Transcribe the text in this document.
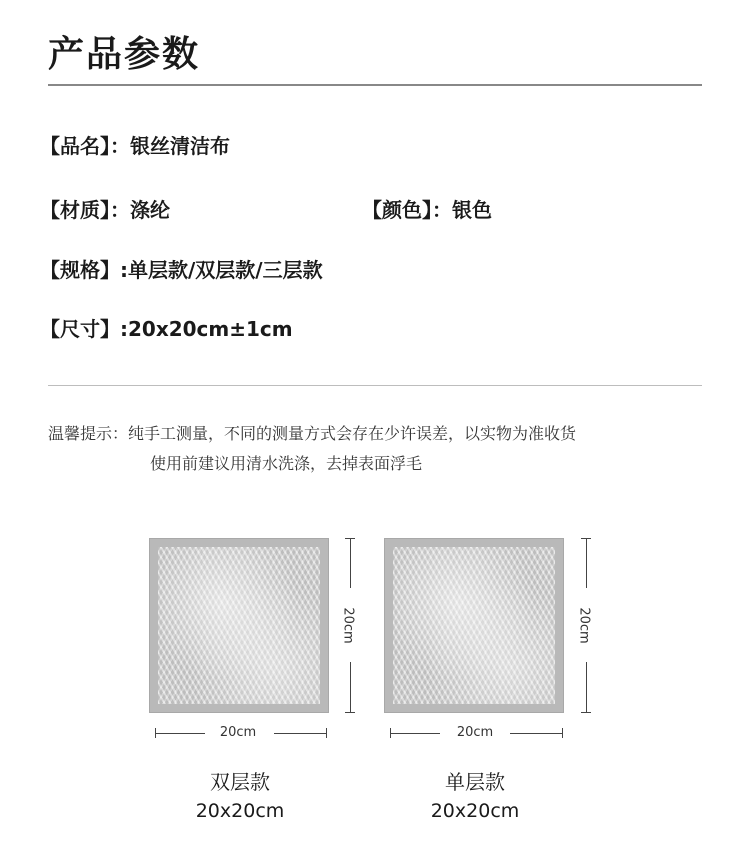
产品参数
【品名】：银丝清洁布
【材质】：涤纶	【颜色】：银色
【规格】:单层款/双层款/三层款
【尺寸】:20x20cm±1cm
温馨提示：纯手工测量，不同的测量方式会存在少许误差，以实物为准收货
使用前建议用清水洗涤，去掉表面浮毛
20cm
20cm
双层款
20x20cm
20cm
20cm
单层款
20x20cm
